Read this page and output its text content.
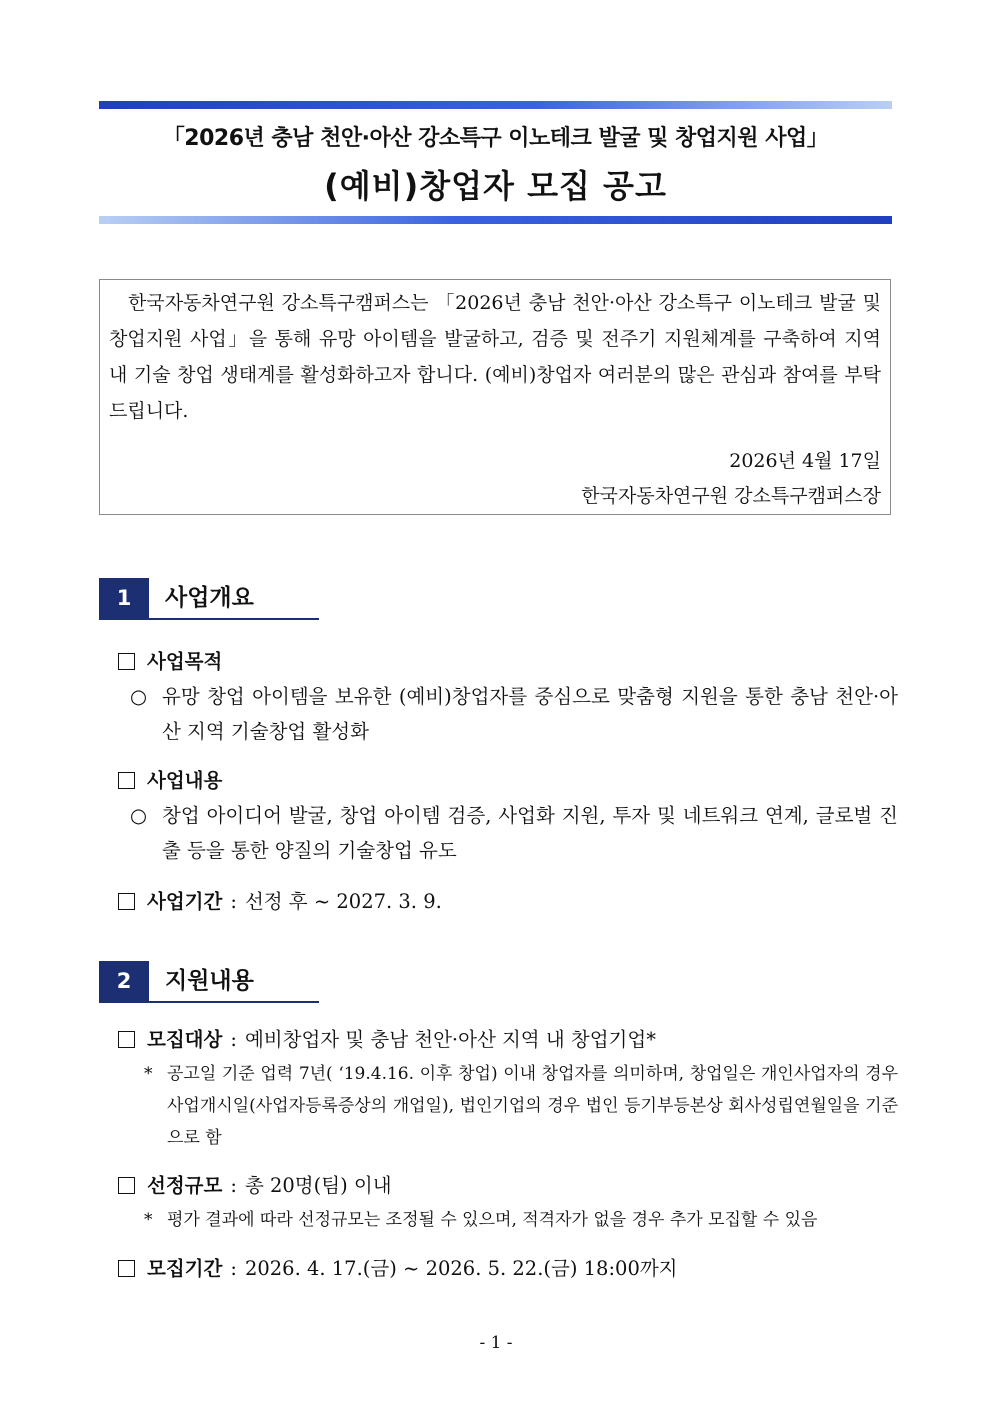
「2026년 충남 천안·아산 강소특구 이노테크 발굴 및 창업지원 사업」
(예비)창업자 모집 공고
한국자동차연구원 강소특구캠퍼스는 「2026년 충남 천안·아산 강소특구 이노테크 발굴 및 창업지원 사업」을 통해 유망 아이템을 발굴하고, 검증 및 전주기 지원체계를 구축하여 지역 내 기술 창업 생태계를 활성화하고자 합니다. (예비)창업자 여러분의 많은 관심과 참여를 부탁드립니다.
2026년 4월 17일
한국자동차연구원 강소특구캠퍼스장
1	사업개요
사업목적
○ 유망 창업 아이템을 보유한 (예비)창업자를 중심으로 맞춤형 지원을 통한 충남 천안·아산 지역 기술창업 활성화
사업내용
○ 창업 아이디어 발굴, 창업 아이템 검증, 사업화 지원, 투자 및 네트워크 연계, 글로벌 진출 등을 통한 양질의 기술창업 유도
사업기간 : 선정 후 ~ 2027. 3. 9.
2	지원내용
모집대상 : 예비창업자 및 충남 천안·아산 지역 내 창업기업*
* 공고일 기준 업력 7년( ‘19.4.16. 이후 창업) 이내 창업자를 의미하며, 창업일은 개인사업자의 경우 사업개시일(사업자등록증상의 개업일), 법인기업의 경우 법인 등기부등본상 회사성립연월일을 기준으로 함
선정규모 : 총 20명(팀) 이내
* 평가 결과에 따라 선정규모는 조정될 수 있으며, 적격자가 없을 경우 추가 모집할 수 있음
모집기간 : 2026. 4. 17.(금) ~ 2026. 5. 22.(금) 18:00까지
- 1 -
